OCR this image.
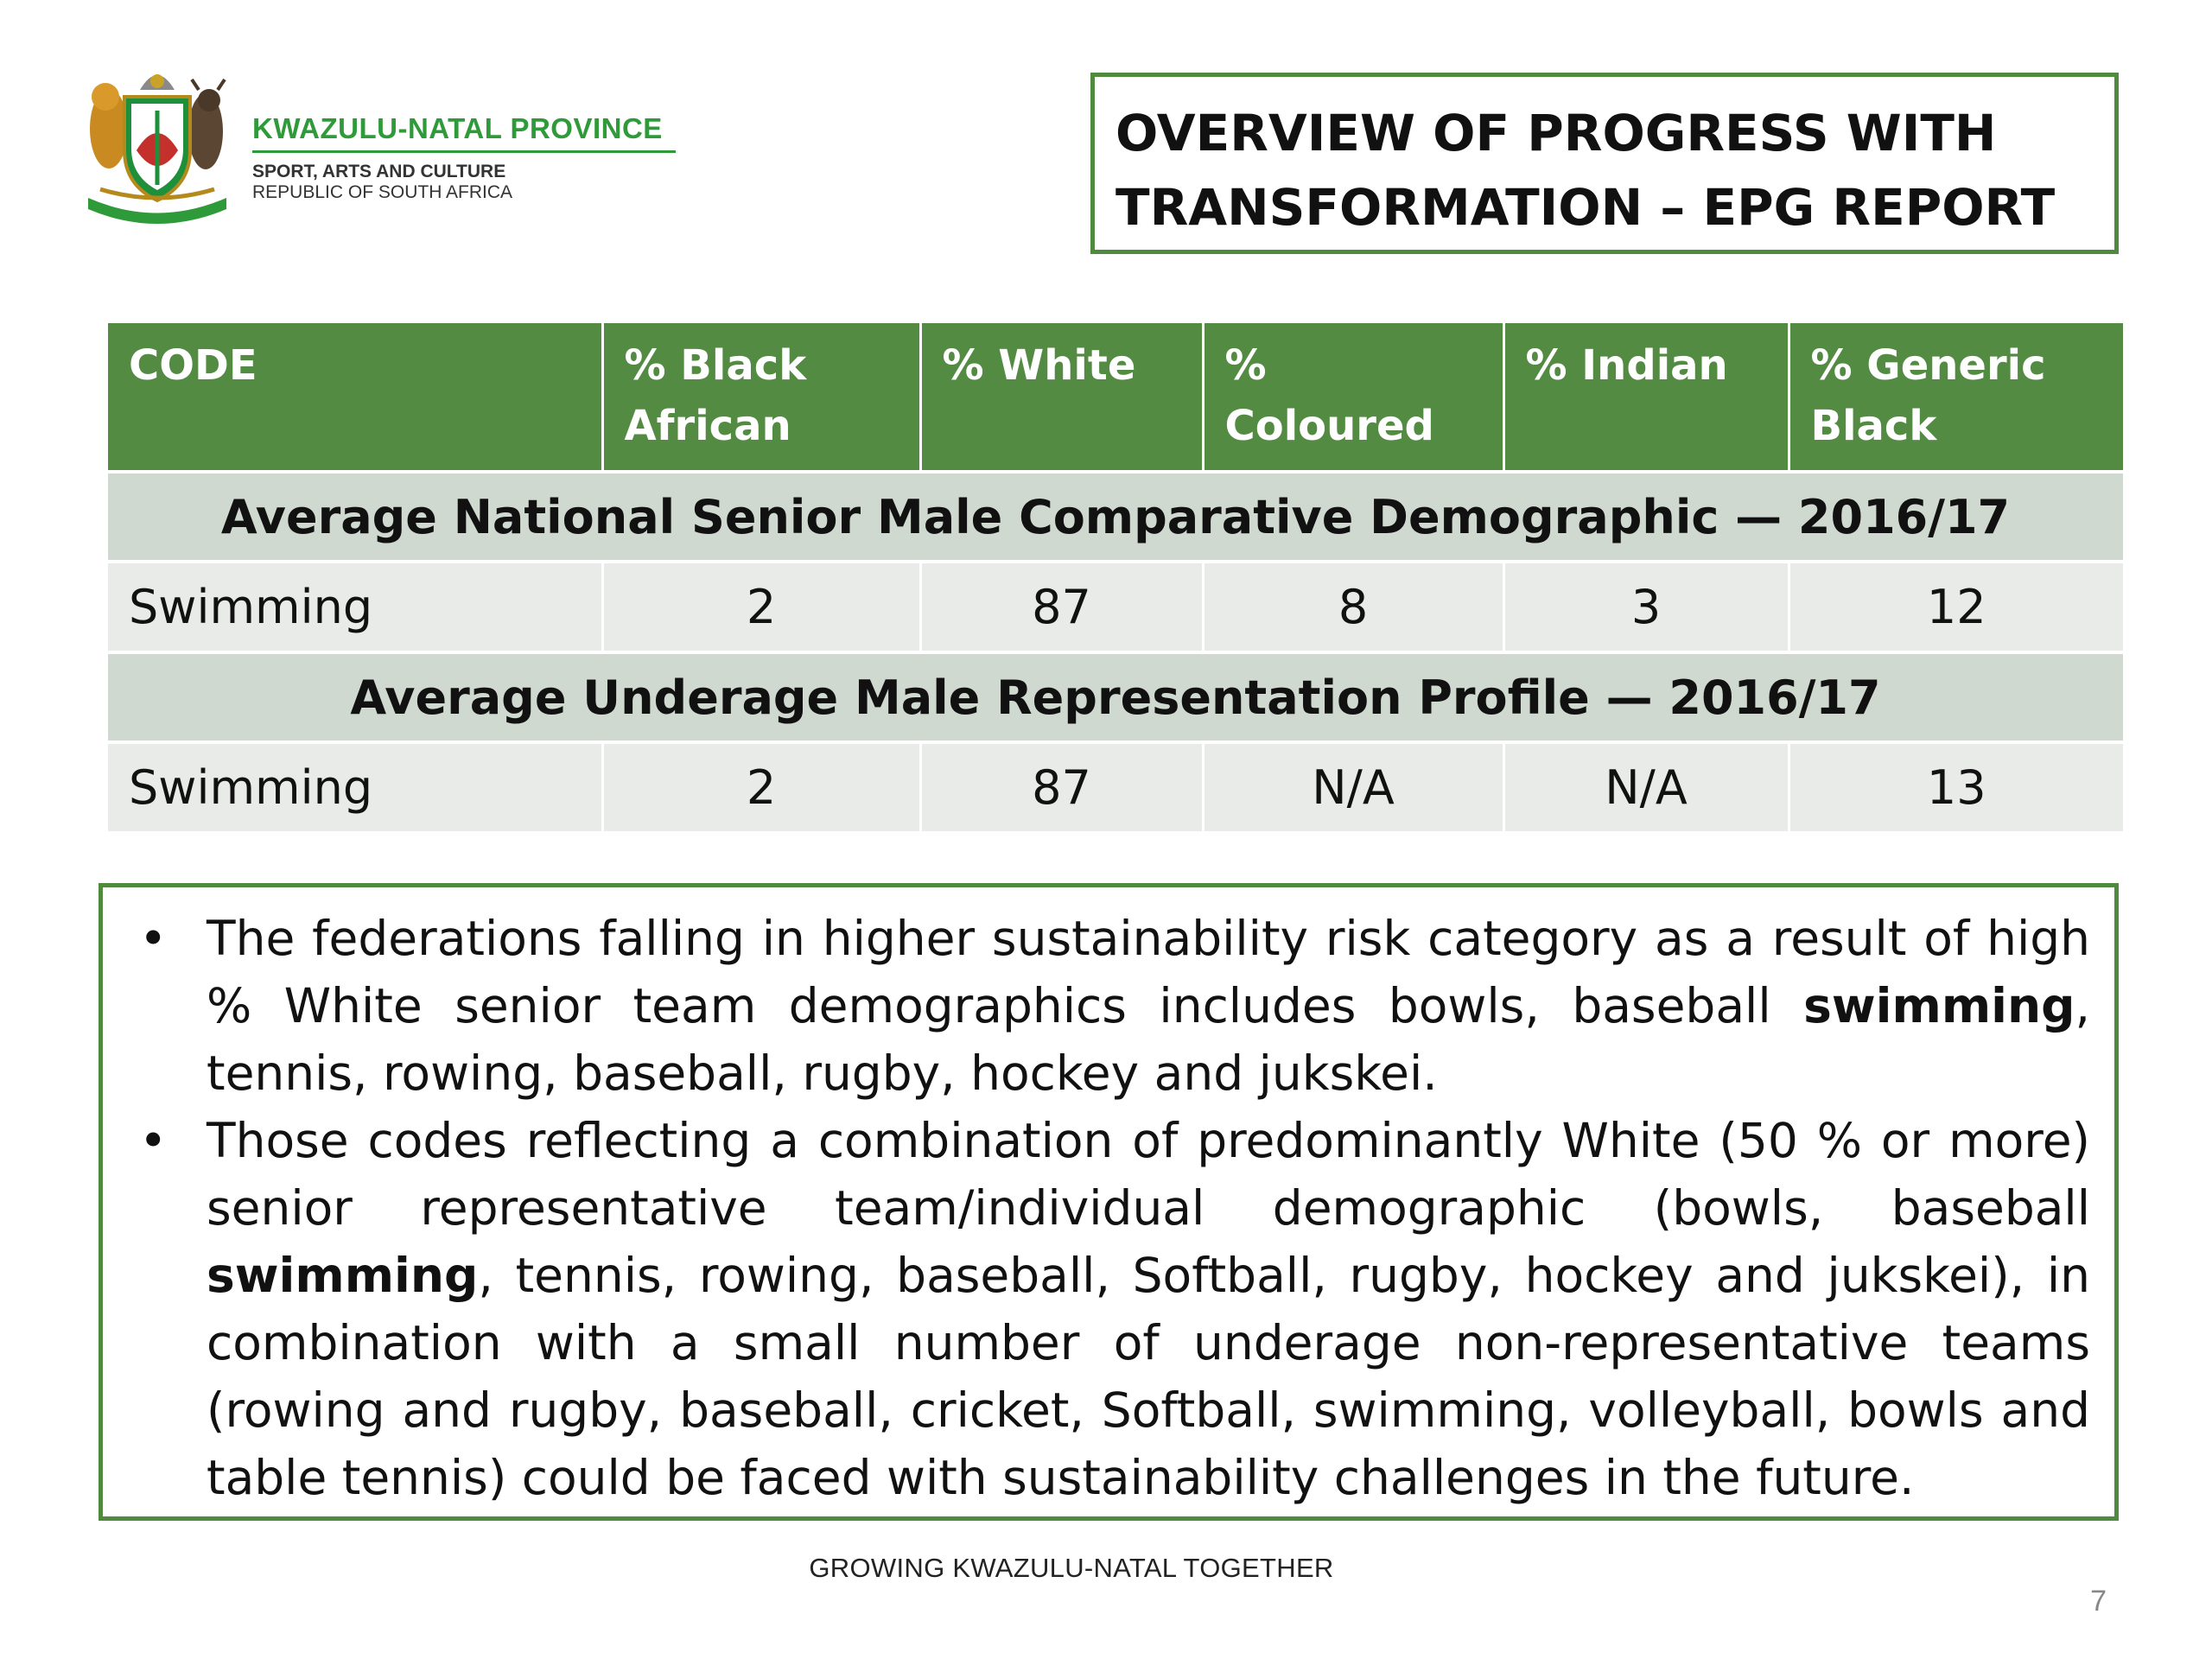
KWAZULU-NATAL PROVINCE
SPORT, ARTS AND CULTURE
REPUBLIC OF SOUTH AFRICA
OVERVIEW OF PROGRESS WITH
TRANSFORMATION – EPG REPORT
CODE	% Black African	% White	% Coloured	% Indian	% Generic Black
Average National Senior Male Comparative Demographic — 2016/17					
Swimming	2	87	8	3	12
Average Underage Male Representation Profile — 2016/17					
Swimming	2	87	N/A	N/A	13
• The federations falling in higher sustainability risk category as a result of high % White senior team demographics includes bowls, baseball swimming, tennis, rowing, baseball, rugby, hockey and jukskei.
• Those codes reflecting a combination of predominantly White (50 % or more) senior representative team/individual demographic (bowls, baseball swimming, tennis, rowing, baseball, Softball, rugby, hockey and jukskei), in combination with a small number of underage non-representative teams (rowing and rugby, baseball, cricket, Softball, swimming, volleyball, bowls and table tennis) could be faced with sustainability challenges in the future.
GROWING KWAZULU-NATAL TOGETHER
7
